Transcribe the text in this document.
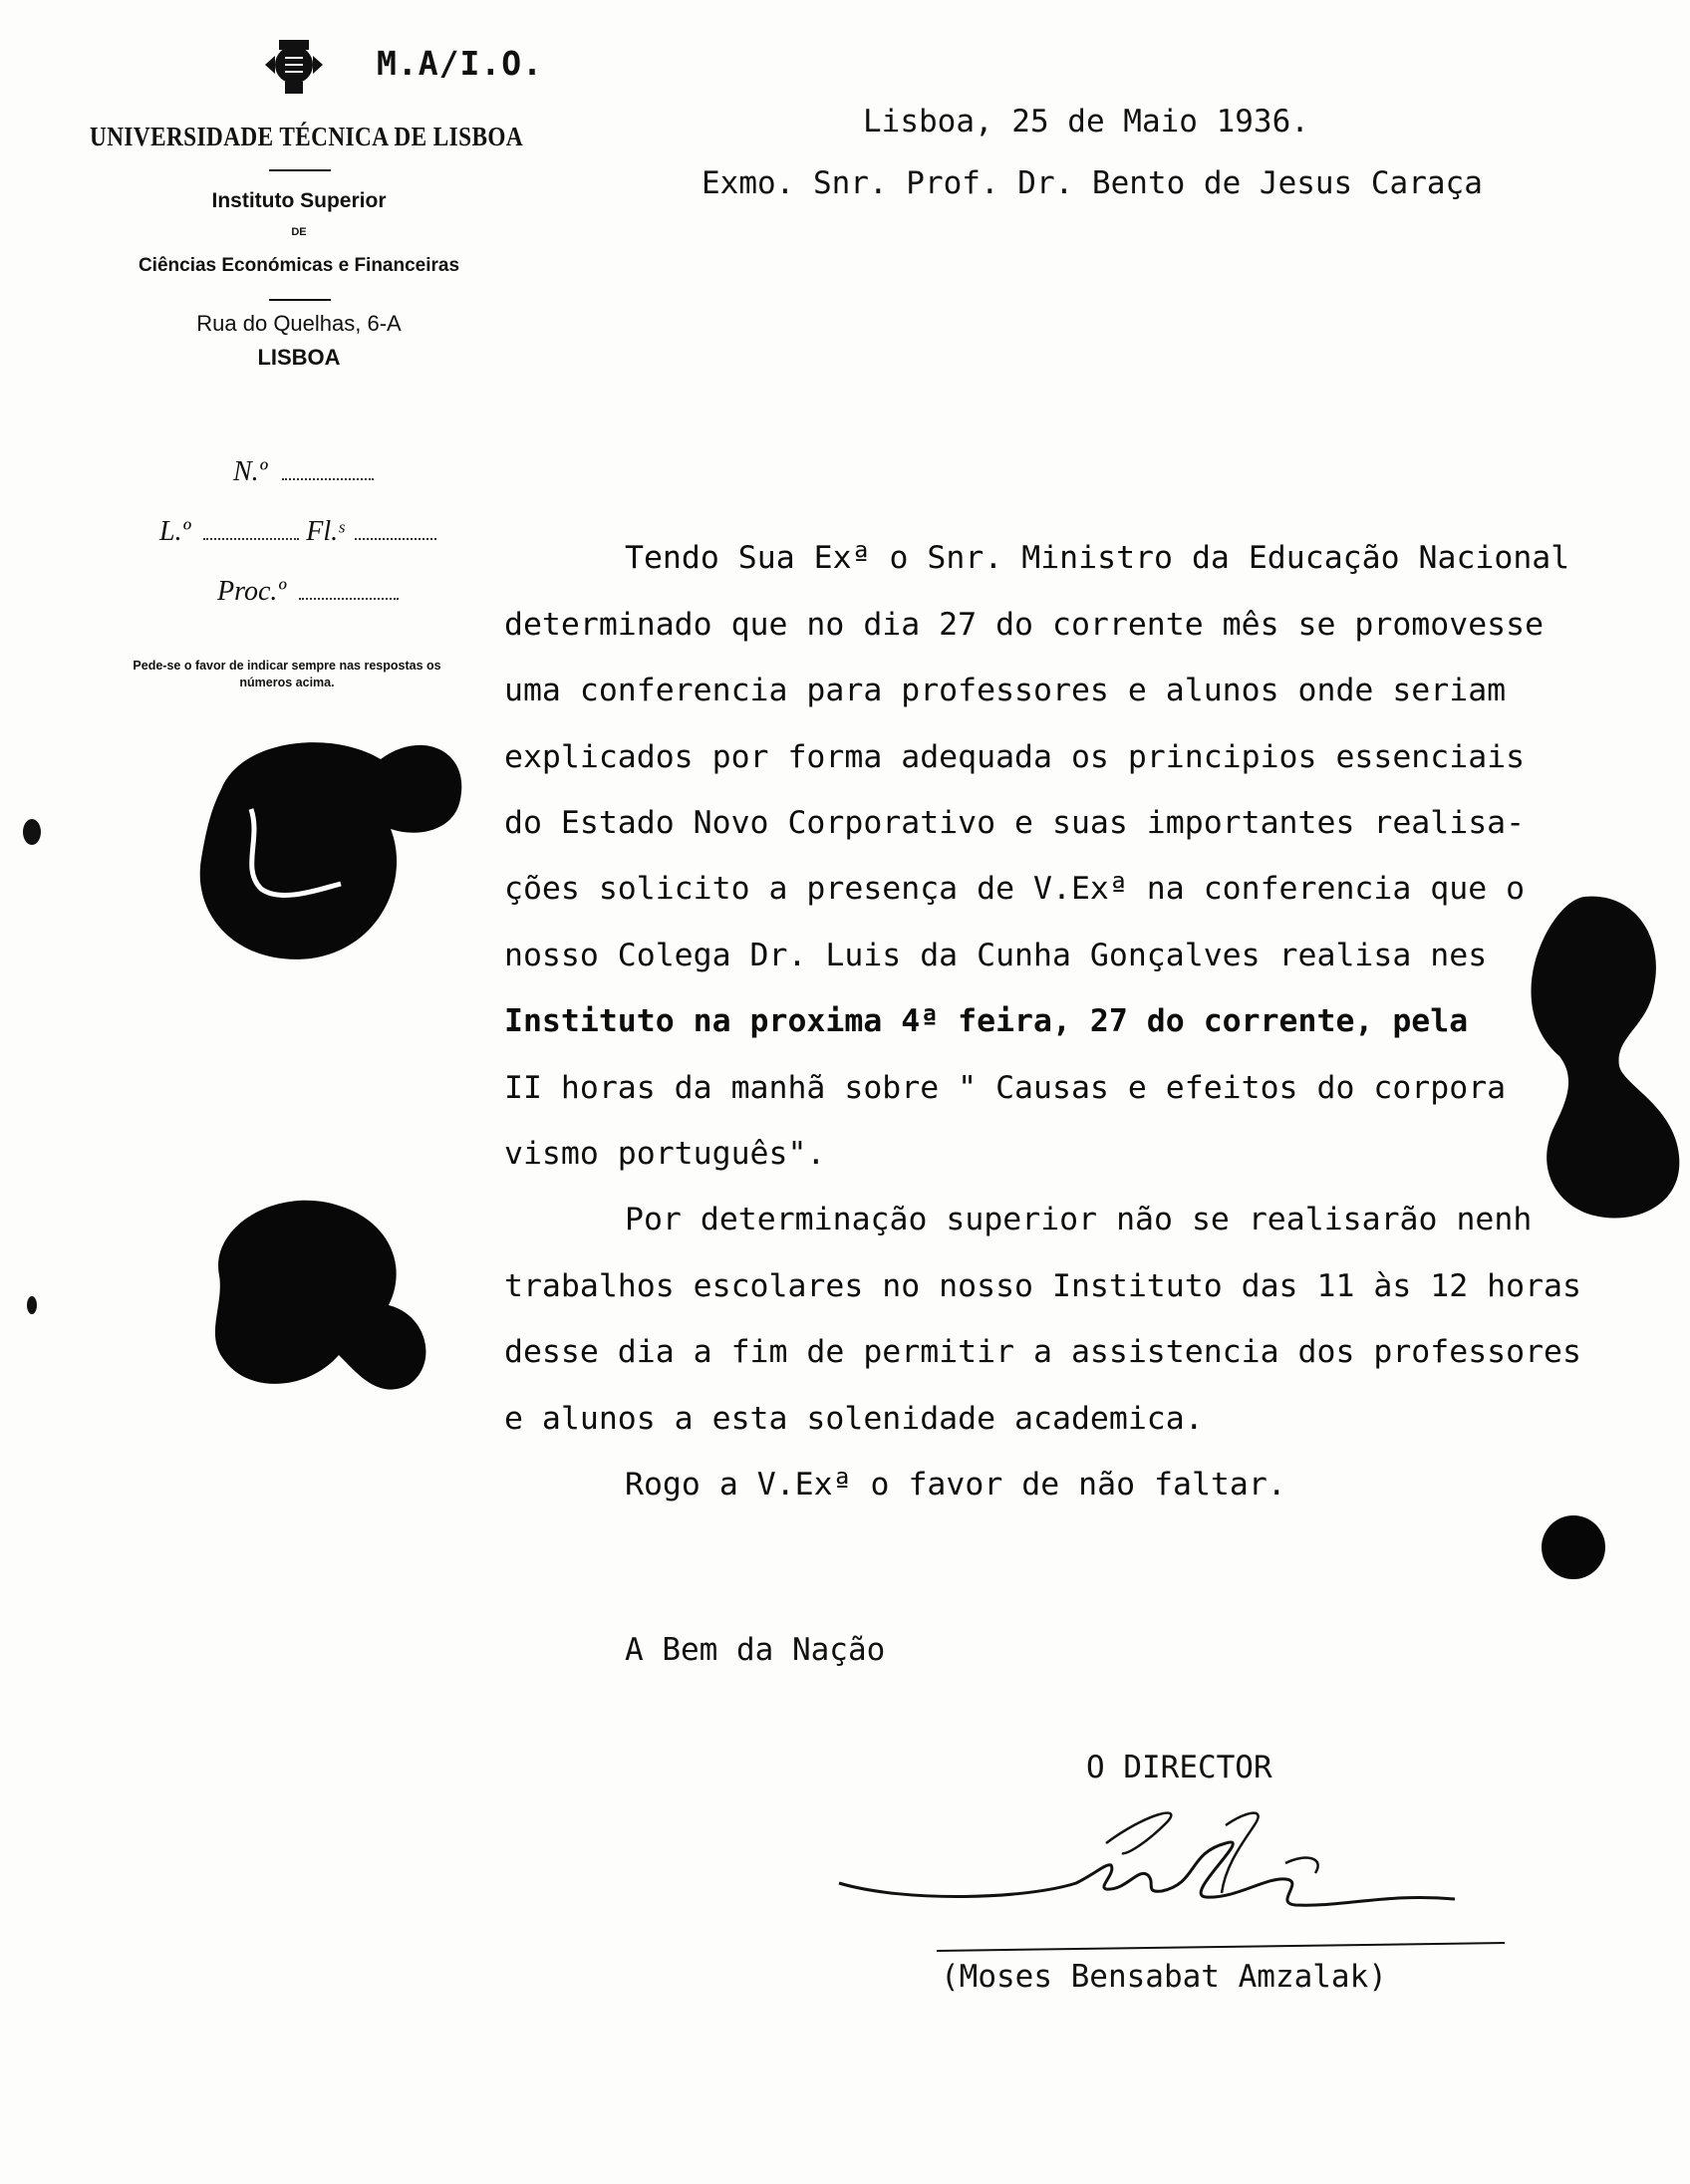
M.A/I.O.
UNIVERSIDADE TÉCNICA DE LISBOA
Instituto Superior
DE
Ciências Económicas e Financeiras
Rua do Quelhas, 6-A
LISBOA
N.º
L.º	Fl.ˢ
Proc.º
Pede-se o favor de indicar sempre nas respostas os números acima.
Lisboa, 25 de Maio 1936.
Exmo. Snr. Prof. Dr. Bento de Jesus Caraça
Tendo Sua Exª o Snr. Ministro da Educação Nacional
determinado que no dia 27 do corrente mês se promovesse
uma conferencia para professores e alunos onde seriam
explicados por forma adequada os principios essenciais
do Estado Novo Corporativo e suas importantes realisa-
ções solicito a presença de V.Exª na conferencia que o
nosso Colega Dr. Luis da Cunha Gonçalves realisa nes
Instituto na proxima 4ª feira, 27 do corrente, pela
II horas da manhã sobre " Causas e efeitos do corpora
vismo português".
Por determinação superior não se realisarão nenh
trabalhos escolares no nosso Instituto das 11 às 12 horas
desse dia a fim de permitir a assistencia dos professores
e alunos a esta solenidade academica.
Rogo a V.Exª o favor de não faltar.
A Bem da Nação
O DIRECTOR
(Moses Bensabat Amzalak)
